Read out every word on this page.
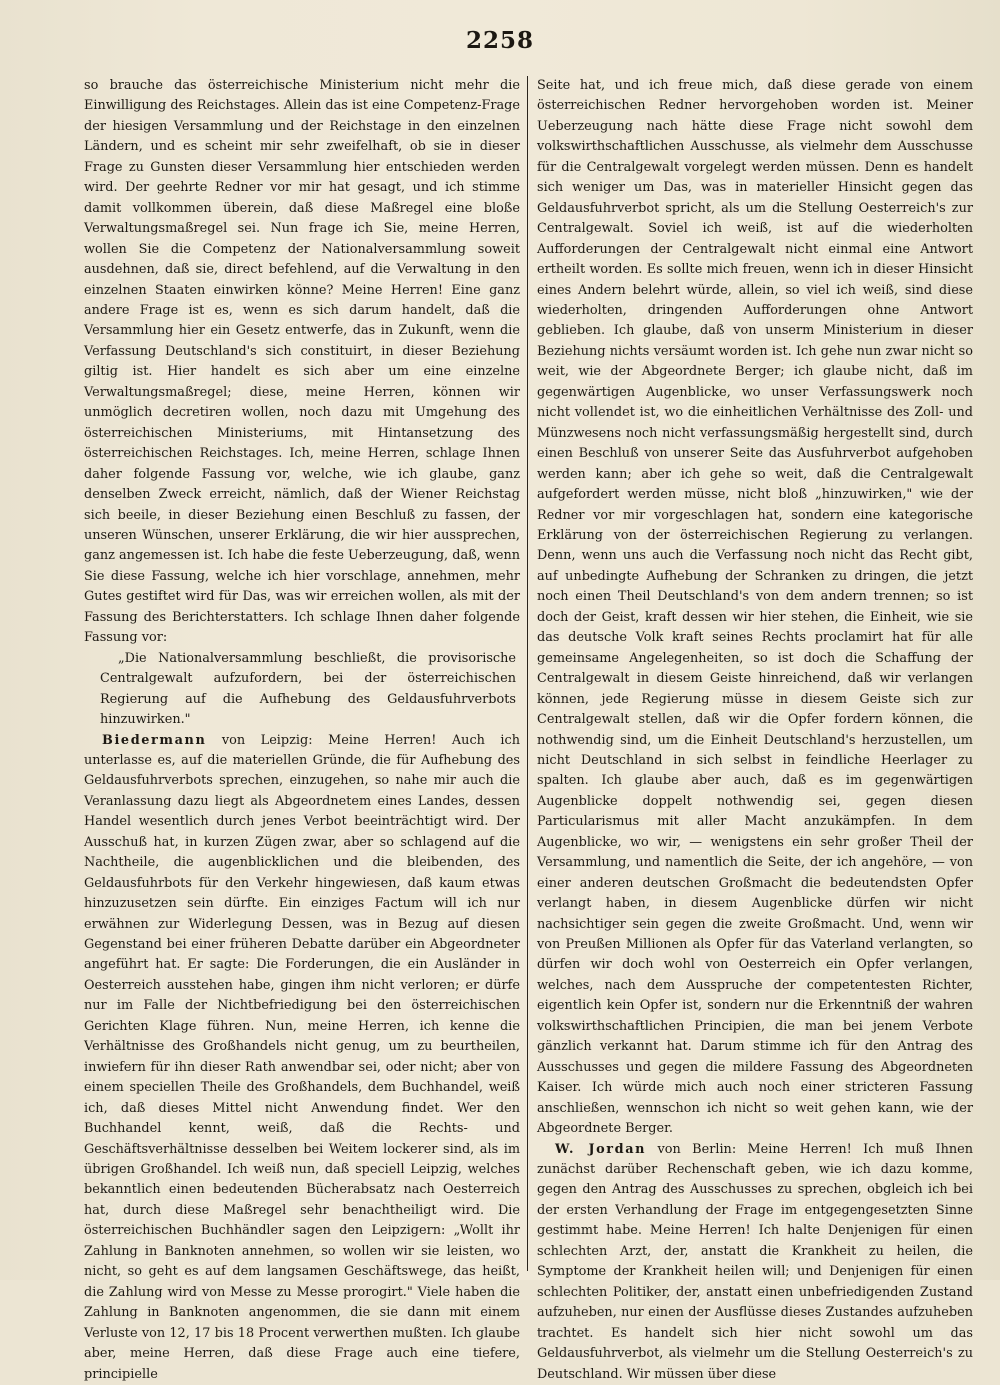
2258

so brauche das österreichische Ministerium nicht mehr die Einwilligung des Reichstages. Allein das ist eine Competenz-Frage der hiesigen Versammlung und der Reichstage in den einzelnen Ländern, und es scheint mir sehr zweifelhaft, ob sie in dieser Frage zu Gunsten dieser Versammlung hier entschieden werden wird. Der geehrte Redner vor mir hat gesagt, und ich stimme damit vollkommen überein, daß diese Maßregel eine bloße Verwaltungsmaßregel sei. Nun frage ich Sie, meine Herren, wollen Sie die Competenz der Nationalversammlung soweit ausdehnen, daß sie, direct befehlend, auf die Verwaltung in den einzelnen Staaten einwirken könne? Meine Herren! Eine ganz andere Frage ist es, wenn es sich darum handelt, daß die Versammlung hier ein Gesetz entwerfe, das in Zukunft, wenn die Verfassung Deutschland's sich constituirt, in dieser Beziehung giltig ist. Hier handelt es sich aber um eine einzelne Verwaltungsmaßregel; diese, meine Herren, können wir unmöglich decretiren wollen, noch dazu mit Umgehung des österreichischen Ministeriums, mit Hintansetzung des österreichischen Reichstages. Ich, meine Herren, schlage Ihnen daher folgende Fassung vor, welche, wie ich glaube, ganz denselben Zweck erreicht, nämlich, daß der Wiener Reichstag sich beeile, in dieser Beziehung einen Beschluß zu fassen, der unseren Wünschen, unserer Erklärung, die wir hier aussprechen, ganz angemessen ist. Ich habe die feste Ueberzeugung, daß, wenn Sie diese Fassung, welche ich hier vorschlage, annehmen, mehr Gutes gestiftet wird für Das, was wir erreichen wollen, als mit der Fassung des Berichterstatters. Ich schlage Ihnen daher folgende Fassung vor:

„Die Nationalversammlung beschließt, die provisorische Centralgewalt aufzufordern, bei der österreichischen Regierung auf die Aufhebung des Geldausfuhrverbots hinzuwirken."

Biedermann von Leipzig: Meine Herren! Auch ich unterlasse es, auf die materiellen Gründe, die für Aufhebung des Geldausfuhrverbots sprechen, einzugehen, so nahe mir auch die Veranlassung dazu liegt als Abgeordnetem eines Landes, dessen Handel wesentlich durch jenes Verbot beeinträchtigt wird. Der Ausschuß hat, in kurzen Zügen zwar, aber so schlagend auf die Nachtheile, die augenblicklichen und die bleibenden, des Geldausfuhrbots für den Verkehr hingewiesen, daß kaum etwas hinzuzusetzen sein dürfte. Ein einziges Factum will ich nur erwähnen zur Widerlegung Dessen, was in Bezug auf diesen Gegenstand bei einer früheren Debatte darüber ein Abgeordneter angeführt hat. Er sagte: Die Forderungen, die ein Ausländer in Oesterreich ausstehen habe, gingen ihm nicht verloren; er dürfe nur im Falle der Nichtbefriedigung bei den österreichischen Gerichten Klage führen. Nun, meine Herren, ich kenne die Verhältnisse des Großhandels nicht genug, um zu beurtheilen, inwiefern für ihn dieser Rath anwendbar sei, oder nicht; aber von einem speciellen Theile des Großhandels, dem Buchhandel, weiß ich, daß dieses Mittel nicht Anwendung findet. Wer den Buchhandel kennt, weiß, daß die Rechts- und Geschäftsverhältnisse desselben bei Weitem lockerer sind, als im übrigen Großhandel. Ich weiß nun, daß speciell Leipzig, welches bekanntlich einen bedeutenden Bücherabsatz nach Oesterreich hat, durch diese Maßregel sehr benachtheiligt wird. Die österreichischen Buchhändler sagen den Leipzigern: „Wollt ihr Zahlung in Banknoten annehmen, so wollen wir sie leisten, wo nicht, so geht es auf dem langsamen Geschäftswege, das heißt, die Zahlung wird von Messe zu Messe prorogirt." Viele haben die Zahlung in Banknoten angenommen, die sie dann mit einem Verluste von 12, 17 bis 18 Procent verwerthen mußten. Ich glaube aber, meine Herren, daß diese Frage auch eine tiefere, principielle

Seite hat, und ich freue mich, daß diese gerade von einem österreichischen Redner hervorgehoben worden ist. Meiner Ueberzeugung nach hätte diese Frage nicht sowohl dem volkswirthschaftlichen Ausschusse, als vielmehr dem Ausschusse für die Centralgewalt vorgelegt werden müssen. Denn es handelt sich weniger um Das, was in materieller Hinsicht gegen das Geldausfuhrverbot spricht, als um die Stellung Oesterreich's zur Centralgewalt. Soviel ich weiß, ist auf die wiederholten Aufforderungen der Centralgewalt nicht einmal eine Antwort ertheilt worden. Es sollte mich freuen, wenn ich in dieser Hinsicht eines Andern belehrt würde, allein, so viel ich weiß, sind diese wiederholten, dringenden Aufforderungen ohne Antwort geblieben. Ich glaube, daß von unserm Ministerium in dieser Beziehung nichts versäumt worden ist. Ich gehe nun zwar nicht so weit, wie der Abgeordnete Berger; ich glaube nicht, daß im gegenwärtigen Augenblicke, wo unser Verfassungswerk noch nicht vollendet ist, wo die einheitlichen Verhältnisse des Zoll- und Münzwesens noch nicht verfassungsmäßig hergestellt sind, durch einen Beschluß von unserer Seite das Ausfuhrverbot aufgehoben werden kann; aber ich gehe so weit, daß die Centralgewalt aufgefordert werden müsse, nicht bloß „hinzuwirken," wie der Redner vor mir vorgeschlagen hat, sondern eine kategorische Erklärung von der österreichischen Regierung zu verlangen. Denn, wenn uns auch die Verfassung noch nicht das Recht gibt, auf unbedingte Aufhebung der Schranken zu dringen, die jetzt noch einen Theil Deutschland's von dem andern trennen; so ist doch der Geist, kraft dessen wir hier stehen, die Einheit, wie sie das deutsche Volk kraft seines Rechts proclamirt hat für alle gemeinsame Angelegenheiten, so ist doch die Schaffung der Centralgewalt in diesem Geiste hinreichend, daß wir verlangen können, jede Regierung müsse in diesem Geiste sich zur Centralgewalt stellen, daß wir die Opfer fordern können, die nothwendig sind, um die Einheit Deutschland's herzustellen, um nicht Deutschland in sich selbst in feindliche Heerlager zu spalten. Ich glaube aber auch, daß es im gegenwärtigen Augenblicke doppelt nothwendig sei, gegen diesen Particularismus mit aller Macht anzukämpfen. In dem Augenblicke, wo wir, — wenigstens ein sehr großer Theil der Versammlung, und namentlich die Seite, der ich angehöre, — von einer anderen deutschen Großmacht die bedeutendsten Opfer verlangt haben, in diesem Augenblicke dürfen wir nicht nachsichtiger sein gegen die zweite Großmacht. Und, wenn wir von Preußen Millionen als Opfer für das Vaterland verlangten, so dürfen wir doch wohl von Oesterreich ein Opfer verlangen, welches, nach dem Ausspruche der competentesten Richter, eigentlich kein Opfer ist, sondern nur die Erkenntniß der wahren volkswirthschaftlichen Principien, die man bei jenem Verbote gänzlich verkannt hat. Darum stimme ich für den Antrag des Ausschusses und gegen die mildere Fassung des Abgeordneten Kaiser. Ich würde mich auch noch einer stricteren Fassung anschließen, wennschon ich nicht so weit gehen kann, wie der Abgeordnete Berger.

W. Jordan von Berlin: Meine Herren! Ich muß Ihnen zunächst darüber Rechenschaft geben, wie ich dazu komme, gegen den Antrag des Ausschusses zu sprechen, obgleich ich bei der ersten Verhandlung der Frage im entgegengesetzten Sinne gestimmt habe. Meine Herren! Ich halte Denjenigen für einen schlechten Arzt, der, anstatt die Krankheit zu heilen, die Symptome der Krankheit heilen will; und Denjenigen für einen schlechten Politiker, der, anstatt einen unbefriedigenden Zustand aufzuheben, nur einen der Ausflüsse dieses Zustandes aufzuheben trachtet. Es handelt sich hier nicht sowohl um das Geldausfuhrverbot, als vielmehr um die Stellung Oesterreich's zu Deutschland. Wir müssen über diese
